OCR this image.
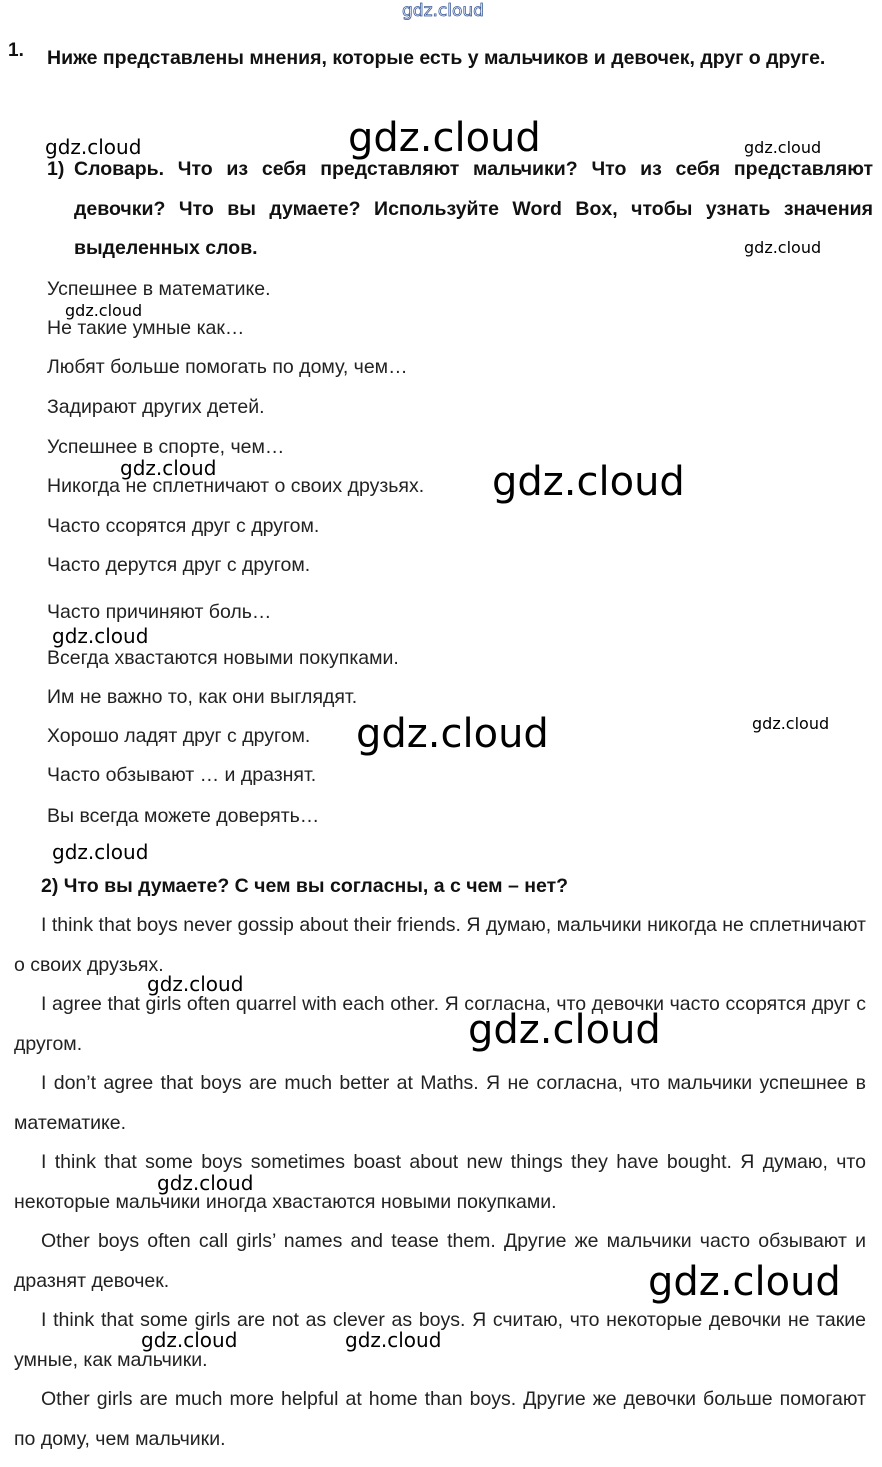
1. Ниже представлены мнения, которые есть у мальчиков и девочек, друг о друге.
1) Словарь. Что из себя представляют мальчики? Что из себя представляют девочки? Что вы думаете? Используйте Word Box, чтобы узнать значения выделенных слов.
Успешнее в математике.
Не такие умные как…
Любят больше помогать по дому, чем…
Задирают других детей.
Успешнее в спорте, чем…
Никогда не сплетничают о своих друзьях.
Часто ссорятся друг с другом.
Часто дерутся друг с другом.
Часто причиняют боль…
Всегда хвастаются новыми покупками.
Им не важно то, как они выглядят.
Хорошо ладят друг с другом.
Часто обзывают … и дразнят.
Вы всегда можете доверять…
2) Что вы думаете? С чем вы согласны, а с чем – нет?
I think that boys never gossip about their friends. Я думаю, мальчики никогда не сплетничают о своих друзьях.
I agree that girls often quarrel with each other. Я согласна, что девочки часто ссорятся друг с другом.
I don’t agree that boys are much better at Maths. Я не согласна, что мальчики успешнее в математике.
I think that some boys sometimes boast about new things they have bought. Я думаю, что некоторые мальчики иногда хвастаются новыми покупками.
Other boys often call girls’ names and tease them. Другие же мальчики часто обзывают и дразнят девочек.
I think that some girls are not as clever as boys. Я считаю, что некоторые девочки не такие умные, как мальчики.
Other girls are much more helpful at home than boys. Другие же девочки больше помогают по дому, чем мальчики.
gdz.cloud
gdz.cloud	gdz.cloud	gdz.cloud
gdz.cloud
gdz.cloud
gdz.cloud	gdz.cloud
gdz.cloud
gdz.cloud	gdz.cloud
gdz.cloud
gdz.cloud
gdz.cloud
gdz.cloud
gdz.cloud
gdz.cloud	gdz.cloud
